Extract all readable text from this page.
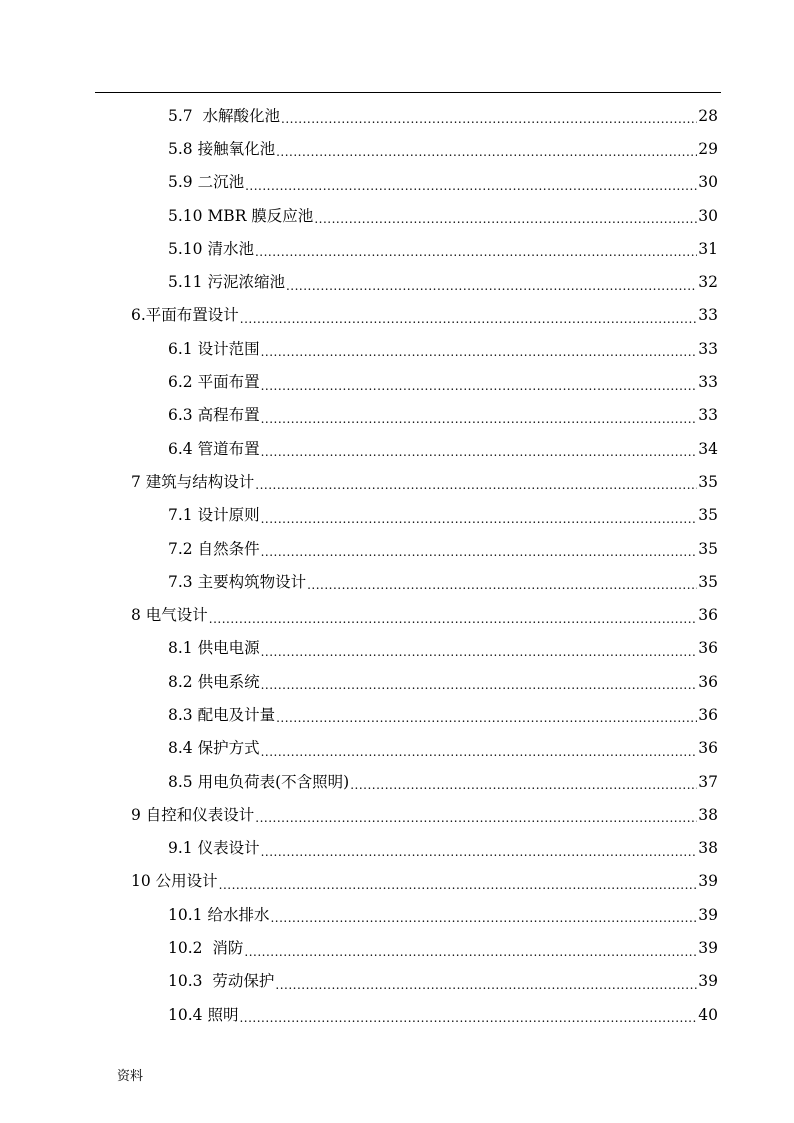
5.7  水解酸化池 .....	28
5.8 接触氧化池 .....	29
5.9 二沉池 .....	30
5.10 MBR 膜反应池 .....	30
5.10 清水池 .....	31
5.11 污泥浓缩池 .....	32
6.平面布置设计 .....	33
6.1 设计范围 .....	33
6.2 平面布置 .....	33
6.3 高程布置 .....	33
6.4 管道布置 .....	34
7 建筑与结构设计 .....	35
7.1 设计原则 .....	35
7.2 自然条件 .....	35
7.3 主要构筑物设计 .....	35
8 电气设计 .....	36
8.1 供电电源 .....	36
8.2 供电系统 .....	36
8.3 配电及计量 .....	36
8.4 保护方式 .....	36
8.5 用电负荷表(不含照明) .....	37
9 自控和仪表设计 .....	38
9.1 仪表设计 .....	38
10 公用设计 .....	39
10.1 给水排水 .....	39
10.2  消防 .....	39
10.3  劳动保护 .....	39
10.4 照明 .....	40
资料
